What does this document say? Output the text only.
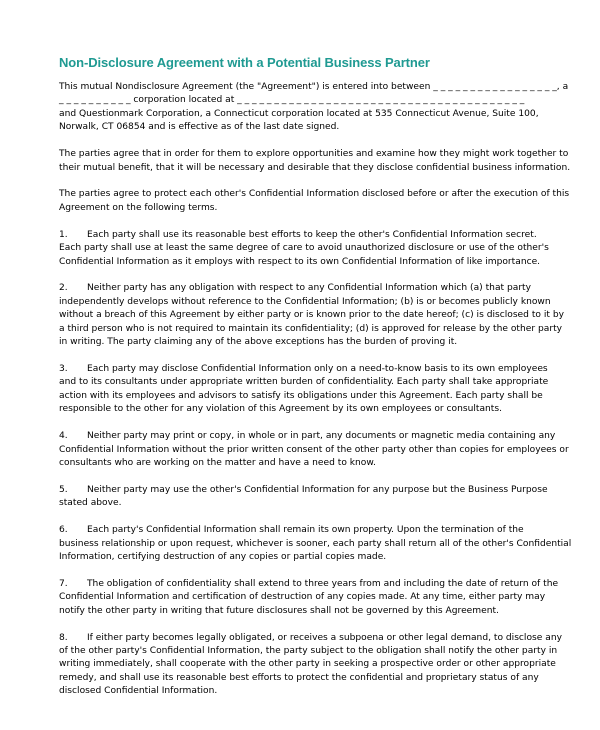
Non-Disclosure Agreement with a Potential Business Partner
This mutual Nondisclosure Agreement (the "Agreement") is entered into between _ _ _ _ _ _ _ _ _ _ _ _ _ _ _ _ _, a
_ _ _ _ _ _ _ _ _ _ corporation located at _ _ _ _ _ _ _ _ _ _ _ _ _ _ _ _ _ _ _ _ _ _ _ _ _ _ _ _ _ _ _ _ _ _ _ _ _ _ _
and Questionmark Corporation, a Connecticut corporation located at 535 Connecticut Avenue, Suite 100,
Norwalk, CT 06854 and is effective as of the last date signed.
The parties agree that in order for them to explore opportunities and examine how they might work together to
their mutual benefit, that it will be necessary and desirable that they disclose confidential business information.
The parties agree to protect each other's Confidential Information disclosed before or after the execution of this
Agreement on the following terms.
1. Each party shall use its reasonable best efforts to keep the other's Confidential Information secret.
Each party shall use at least the same degree of care to avoid unauthorized disclosure or use of the other's
Confidential Information as it employs with respect to its own Confidential Information of like importance.
2. Neither party has any obligation with respect to any Confidential Information which (a) that party
independently develops without reference to the Confidential Information; (b) is or becomes publicly known
without a breach of this Agreement by either party or is known prior to the date hereof; (c) is disclosed to it by
a third person who is not required to maintain its confidentiality; (d) is approved for release by the other party
in writing. The party claiming any of the above exceptions has the burden of proving it.
3. Each party may disclose Confidential Information only on a need-to-know basis to its own employees
and to its consultants under appropriate written burden of confidentiality. Each party shall take appropriate
action with its employees and advisors to satisfy its obligations under this Agreement. Each party shall be
responsible to the other for any violation of this Agreement by its own employees or consultants.
4. Neither party may print or copy, in whole or in part, any documents or magnetic media containing any
Confidential Information without the prior written consent of the other party other than copies for employees or
consultants who are working on the matter and have a need to know.
5. Neither party may use the other's Confidential Information for any purpose but the Business Purpose
stated above.
6. Each party's Confidential Information shall remain its own property. Upon the termination of the
business relationship or upon request, whichever is sooner, each party shall return all of the other's Confidential
Information, certifying destruction of any copies or partial copies made.
7. The obligation of confidentiality shall extend to three years from and including the date of return of the
Confidential Information and certification of destruction of any copies made. At any time, either party may
notify the other party in writing that future disclosures shall not be governed by this Agreement.
8. If either party becomes legally obligated, or receives a subpoena or other legal demand, to disclose any
of the other party's Confidential Information, the party subject to the obligation shall notify the other party in
writing immediately, shall cooperate with the other party in seeking a prospective order or other appropriate
remedy, and shall use its reasonable best efforts to protect the confidential and proprietary status of any
disclosed Confidential Information.
